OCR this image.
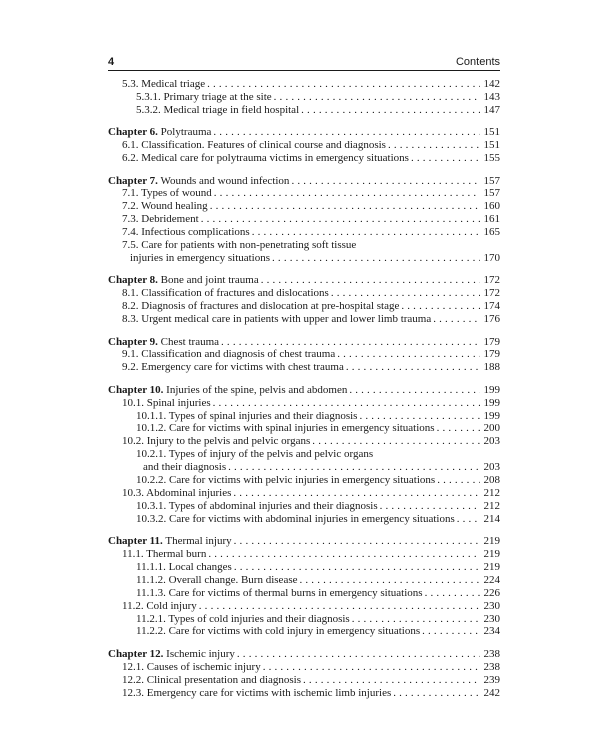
4	Contents
5.3. Medical triage . . .	142
5.3.1. Primary triage at the site . . .	143
5.3.2. Medical triage in field hospital . . .	147
Chapter 6. Polytrauma . . .	151
6.1. Classification. Features of clinical course and diagnosis . . .	151
6.2. Medical care for polytrauma victims in emergency situations . . .	155
Chapter 7. Wounds and wound infection . . .	157
7.1. Types of wound . . .	157
7.2. Wound healing . . .	160
7.3. Debridement . . .	161
7.4. Infectious complications . . .	165
7.5. Care for patients with non-penetrating soft tissue
injuries in emergency situations . . .	170
Chapter 8. Bone and joint trauma . . .	172
8.1. Classification of fractures and dislocations . . .	172
8.2. Diagnosis of fractures and dislocation at pre-hospital stage . . .	174
8.3. Urgent medical care in patients with upper and lower limb trauma . . .	176
Chapter 9. Chest trauma . . .	179
9.1. Classification and diagnosis of chest trauma . . .	179
9.2. Emergency care for victims with chest trauma . . .	188
Chapter 10. Injuries of the spine, pelvis and abdomen . . .	199
10.1. Spinal injuries . . .	199
10.1.1. Types of spinal injuries and their diagnosis . . .	199
10.1.2. Care for victims with spinal injuries in emergency situations . . .	200
10.2. Injury to the pelvis and pelvic organs . . .	203
10.2.1. Types of injury of the pelvis and pelvic organs
and their diagnosis . . .	203
10.2.2. Care for victims with pelvic injuries in emergency situations . . .	208
10.3. Abdominal injuries . . .	212
10.3.1. Types of abdominal injuries and their diagnosis . . .	212
10.3.2. Care for victims with abdominal injuries in emergency situations . . .	214
Chapter 11. Thermal injury . . .	219
11.1. Thermal burn . . .	219
11.1.1. Local changes . . .	219
11.1.2. Overall change. Burn disease . . .	224
11.1.3. Care for victims of thermal burns in emergency situations . . .	226
11.2. Cold injury . . .	230
11.2.1. Types of cold injuries and their diagnosis . . .	230
11.2.2. Care for victims with cold injury in emergency situations . . .	234
Chapter 12. Ischemic injury . . .	238
12.1. Causes of ischemic injury . . .	238
12.2. Clinical presentation and diagnosis . . .	239
12.3. Emergency care for victims with ischemic limb injuries . . .	242
